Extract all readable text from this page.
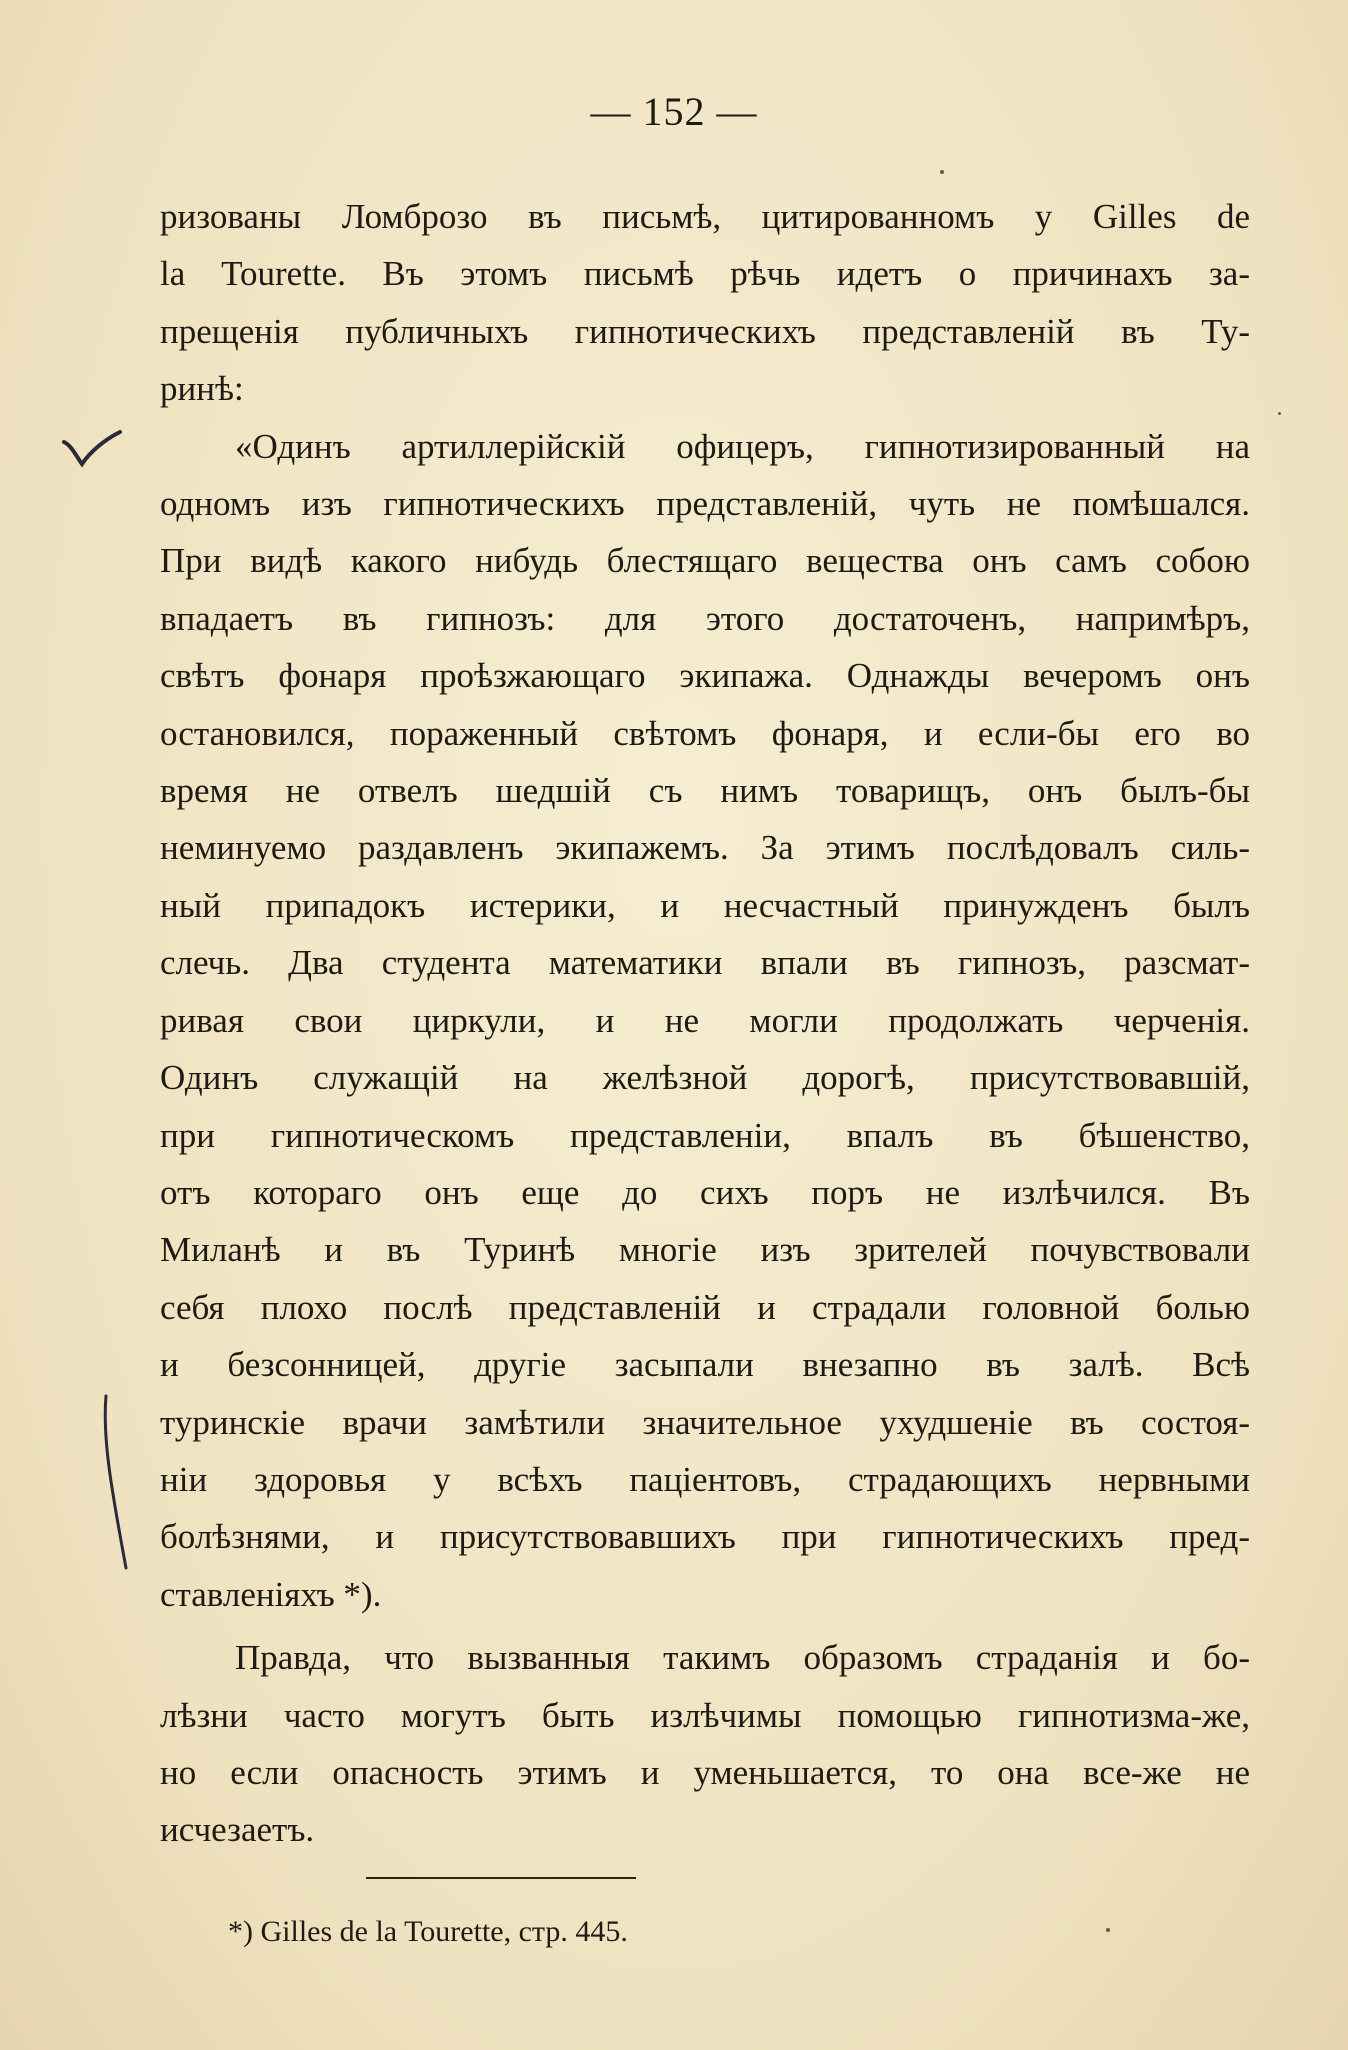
— 152 —
ризованы Ломброзо въ письмѣ, цитированномъ у Gilles de
la Tourette. Въ этомъ письмѣ рѣчь идетъ о причинахъ за-
прещенія публичныхъ гипнотическихъ представленій въ Ту-
ринѣ:
«Одинъ артиллерійскій офицеръ, гипнотизированный на
одномъ изъ гипнотическихъ представленій, чуть не помѣшался.
При видѣ какого нибудь блестящаго вещества онъ самъ собою
впадаетъ въ гипнозъ: для этого достаточенъ, напримѣръ,
свѣтъ фонаря проѣзжающаго экипажа. Однажды вечеромъ онъ
остановился, пораженный свѣтомъ фонаря, и если-бы его во
время не отвелъ шедшій съ нимъ товарищъ, онъ былъ-бы
неминуемо раздавленъ экипажемъ. За этимъ послѣдовалъ силь-
ный припадокъ истерики, и несчастный принужденъ былъ
слечь. Два студента математики впали въ гипнозъ, разсмат-
ривая свои циркули, и не могли продолжать черченія.
Одинъ служащій на желѣзной дорогѣ, присутствовавшій,
при гипнотическомъ представленіи, впалъ въ бѣшенство,
отъ котораго онъ еще до сихъ поръ не излѣчился. Въ
Миланѣ и въ Туринѣ многіе изъ зрителей почувствовали
себя плохо послѣ представленій и страдали головной болью
и безсонницей, другіе засыпали внезапно въ залѣ. Всѣ
туринскіе врачи замѣтили значительное ухудшеніе въ состоя-
ніи здоровья у всѣхъ паціентовъ, страдающихъ нервными
болѣзнями, и присутствовавшихъ при гипнотическихъ пред-
ставленіяхъ *).
Правда, что вызванныя такимъ образомъ страданія и бо-
лѣзни часто могутъ быть излѣчимы помощью гипнотизма-же,
но если опасность этимъ и уменьшается, то она все-же не
исчезаетъ.
*) Gilles de la Tourette, стр. 445.
